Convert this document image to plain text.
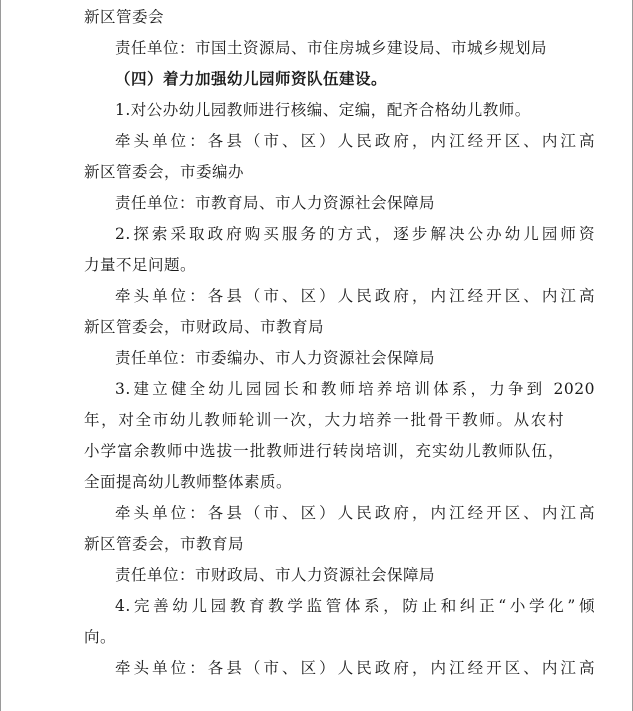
新区管委会
责任单位：市国土资源局、市住房城乡建设局、市城乡规划局
（四）着力加强幼儿园师资队伍建设。
1.对公办幼儿园教师进行核编、定编，配齐合格幼儿教师。
牵头单位：各县（市、区）人民政府，内江经开区、内江高
新区管委会，市委编办
责任单位：市教育局、市人力资源社会保障局
2.探索采取政府购买服务的方式，逐步解决公办幼儿园师资
力量不足问题。
牵头单位：各县（市、区）人民政府，内江经开区、内江高
新区管委会，市财政局、市教育局
责任单位：市委编办、市人力资源社会保障局
3.建立健全幼儿园园长和教师培养培训体系，力争到 2020
年，对全市幼儿教师轮训一次，大力培养一批骨干教师。从农村
小学富余教师中选拔一批教师进行转岗培训，充实幼儿教师队伍，
全面提高幼儿教师整体素质。
牵头单位：各县（市、区）人民政府，内江经开区、内江高
新区管委会，市教育局
责任单位：市财政局、市人力资源社会保障局
4.完善幼儿园教育教学监管体系，防止和纠正“小学化”倾
向。
牵头单位：各县（市、区）人民政府，内江经开区、内江高
